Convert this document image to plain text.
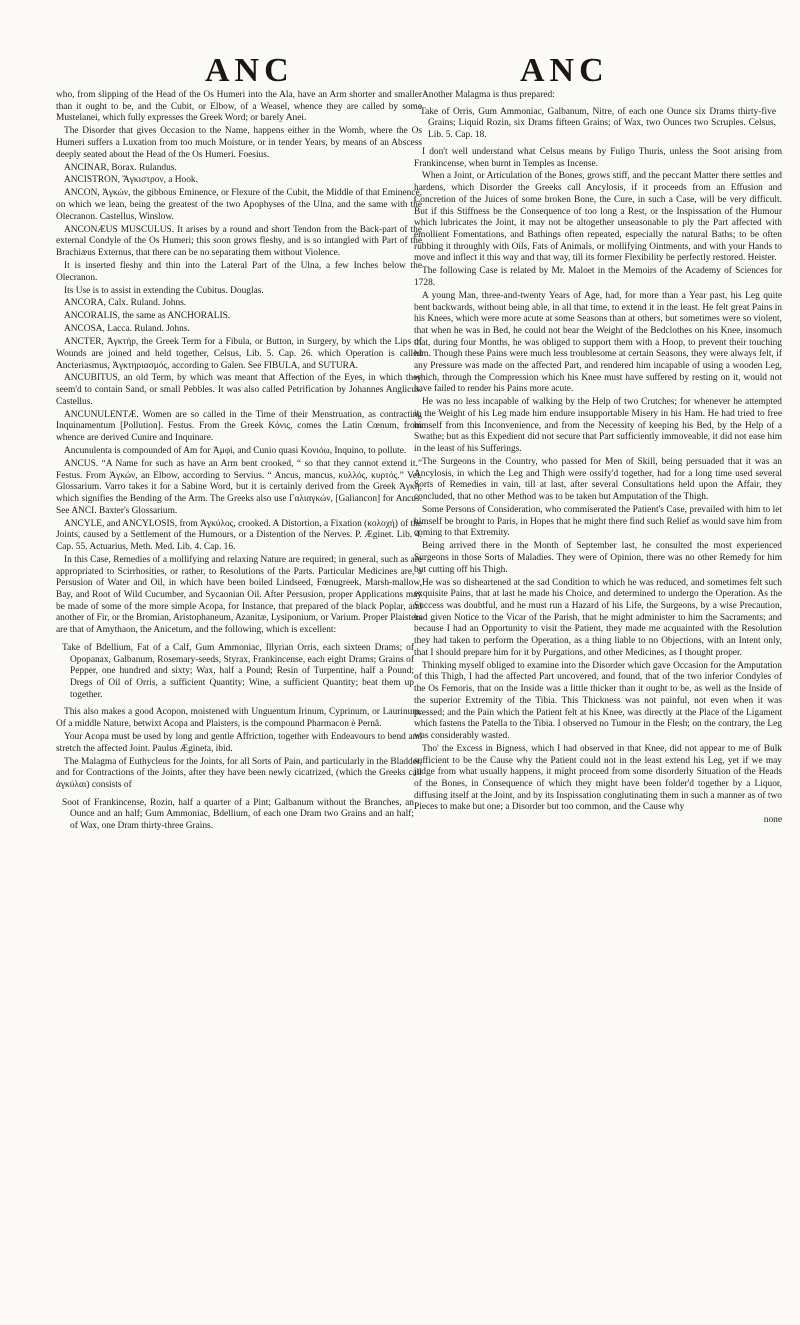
ANC	ANC

who, from slipping of the Head of the Os Humeri into the Ala, have an Arm shorter and smaller than it ought to be, and the Cubit, or Elbow, of a Weasel, whence they are called by some Mustelanei, which fully expresses the Greek Word; or barely Anei.

The Disorder that gives Occasion to the Name, happens either in the Womb, where the Os Humeri suffers a Luxation from too much Moisture, or in tender Years, by means of an Abscess deeply seated about the Head of the Os Humeri. Foesius.

ANCINAR, Borax. Rulandus.

ANCISTRON, Ἄγκιστρον, a Hook.

ANCON, Ἀγκών, the gibbous Eminence, or Flexure of the Cubit, the Middle of that Eminence, on which we lean, being the greatest of the two Apophyses of the Ulna, and the same with the Olecranon. Castellus, Winslow.

ANCONÆUS MUSCULUS. It arises by a round and short Tendon from the Back-part of the external Condyle of the Os Humeri; this soon grows fleshy, and is so intangled with Part of the Brachiæus Externus, that there can be no separating them without Violence.

It is inserted fleshy and thin into the Lateral Part of the Ulna, a few Inches below the Olecranon.

Its Use is to assist in extending the Cubitus. Douglas.

ANCORA, Calx. Ruland. Johns.

ANCORALIS, the same as ANCHORALIS.

ANCOSA, Lacca. Ruland. Johns.

ANCTER, Ἀγκτήρ, the Greek Term for a Fibula, or Button, in Surgery, by which the Lips of Wounds are joined and held together, Celsus, Lib. 5. Cap. 26. which Operation is called Ancteriasmus, Ἀγκτηριασμός, according to Galen. See FIBULA, and SUTURA.

ANCUBITUS, an old Term, by which was meant that Affection of the Eyes, in which they seem'd to contain Sand, or small Pebbles. It was also called Petrification by Johannes Anglicus. Castellus.

ANCUNULENTÆ. Women are so called in the Time of their Menstruation, as contracting Inquinamentum [Pollution]. Festus. From the Greek Κόνις, comes the Latin Cœnum, from whence are derived Cunire and Inquinare.

Ancunulenta is compounded of Am for Ἀμφί, and Cunio quasi Κονιόω, Inquino, to pollute.

ANCUS. “A Name for such as have an Arm bent crooked, “ so that they cannot extend it.” Festus. From Ἀγκών, an Elbow, according to Servius. “ Ancus, mancus, κυλλός, κυρτός.” Vet. Glossarium. Varro takes it for a Sabine Word, but it is certainly derived from the Greek Ἀγκή, which signifies the Bending of the Arm. The Greeks also use Γαλιαγκών, [Galiancon] for Ancus. See ANCI. Baxter's Glossarium.

ANCYLE, and ANCYLOSIS, from Ἀγκύλος, crooked. A Distortion, a Fixation (κολοχή) of the Joints, caused by a Settlement of the Humours, or a Distention of the Nerves. P. Æginet. Lib. 4. Cap. 55. Actuarius, Meth. Med. Lib. 4. Cap. 16.

In this Case, Remedies of a mollifying and relaxing Nature are required; in general, such as are appropriated to Scirrhosities, or rather, to Resolutions of the Parts. Particular Medicines are, a Persusion of Water and Oil, in which have been boiled Lindseed, Fœnugreek, Marsh-mallow, Bay, and Root of Wild Cucumber, and Sycaonian Oil. After Persusion, proper Applications may be made of some of the more simple Acopa, for Instance, that prepared of the black Poplar, and another of Fir, or the Bromian, Aristophaneum, Azanitæ, Lysiponium, or Varium. Proper Plaisters are that of Amythaon, the Anicetum, and the following, which is excellent:

Take of Bdellium, Fat of a Calf, Gum Ammoniac, Illyrian Orris, each sixteen Drams; of Opopanax, Galbanum, Rosemary-seeds, Styrax, Frankincense, each eight Drams; Grains of Pepper, one hundred and sixty; Wax, half a Pound; Resin of Turpentine, half a Pound; Dregs of Oil of Orris, a sufficient Quantity; Wine, a sufficient Quantity; beat them up together.

This also makes a good Acopon, moistened with Unguentum Irinum, Cyprinum, or Laurinum. Of a middle Nature, betwixt Acopa and Plaisters, is the compound Pharmacon è Pernâ.

Your Acopa must be used by long and gentle Affriction, together with Endeavours to bend and stretch the affected Joint. Paulus Ægineta, ibid.

The Malagma of Euthycleus for the Joints, for all Sorts of Pain, and particularly in the Bladder, and for Contractions of the Joints, after they have been newly cicatrized, (which the Greeks call ἀγκύλαι) consists of

Soot of Frankincense, Rozin, half a quarter of a Pint; Galbanum without the Branches, an Ounce and an half; Gum Ammoniac, Bdellium, of each one Dram two Grains and an half; of Wax, one Dram thirty-three Grains.

Another Malagma is thus prepared:

Take of Orris, Gum Ammoniac, Galbanum, Nitre, of each one Ounce six Drams thirty-five Grains; Liquid Rozin, six Drams fifteen Grains; of Wax, two Ounces two Scruples. Celsus, Lib. 5. Cap. 18.

I don't well understand what Celsus means by Fuligo Thuris, unless the Soot arising from Frankincense, when burnt in Temples as Incense.

When a Joint, or Articulation of the Bones, grows stiff, and the peccant Matter there settles and hardens, which Disorder the Greeks call Ancylosis, if it proceeds from an Effusion and Concretion of the Juices of some broken Bone, the Cure, in such a Case, will be very difficult. But if this Stiffness be the Consequence of too long a Rest, or the Inspissation of the Humour which lubricates the Joint, it may not be altogether unseasonable to ply the Part affected with emollient Fomentations, and Bathings often repeated, especially the natural Baths; to be often rubbing it throughly with Oils, Fats of Animals, or mollifying Ointments, and with your Hands to move and inflect it this way and that way, till its former Flexibility be perfectly restored. Heister.

The following Case is related by Mr. Maloet in the Memoirs of the Academy of Sciences for 1728.

A young Man, three-and-twenty Years of Age, had, for more than a Year past, his Leg quite bent backwards, without being able, in all that time, to extend it in the least. He felt great Pains in his Knees, which were more acute at some Seasons than at others, but sometimes were so violent, that when he was in Bed, he could not bear the Weight of the Bedclothes on his Knee, insomuch that, during four Months, he was obliged to support them with a Hoop, to prevent their touching him. Though these Pains were much less troublesome at certain Seasons, they were always felt, if any Pressure was made on the affected Part, and rendered him incapable of using a wooden Leg, which, through the Compression which his Knee must have suffered by resting on it, would not have failed to render his Pains more acute.

He was no less incapable of walking by the Help of two Crutches; for whenever he attempted it, the Weight of his Leg made him endure insupportable Misery in his Ham. He had tried to free himself from this Inconvenience, and from the Necessity of keeping his Bed, by the Help of a Swathe; but as this Expedient did not secure that Part sufficiently immoveable, it did not ease him in the least of his Sufferings.

The Surgeons in the Country, who passed for Men of Skill, being persuaded that it was an Ancylosis, in which the Leg and Thigh were ossify'd together, had for a long time used several Sorts of Remedies in vain, till at last, after several Consultations held upon the Affair, they concluded, that no other Method was to be taken but Amputation of the Thigh.

Some Persons of Consideration, who commiserated the Patient's Case, prevailed with him to let himself be brought to Paris, in Hopes that he might there find such Relief as would save him from coming to that Extremity.

Being arrived there in the Month of September last, he consulted the most experienced Surgeons in those Sorts of Maladies. They were of Opinion, there was no other Remedy for him but cutting off his Thigh.

He was so disheartened at the sad Condition to which he was reduced, and sometimes felt such exquisite Pains, that at last he made his Choice, and determined to undergo the Operation. As the Success was doubtful, and he must run a Hazard of his Life, the Surgeons, by a wise Precaution, had given Notice to the Vicar of the Parish, that he might administer to him the Sacraments; and because I had an Opportunity to visit the Patient, they made me acquainted with the Resolution they had taken to perform the Operation, as a thing liable to no Objections, with an Intent only, that I should prepare him for it by Purgations, and other Medicines, as I thought proper.

Thinking myself obliged to examine into the Disorder which gave Occasion for the Amputation of this Thigh, I had the affected Part uncovered, and found, that of the two inferior Condyles of the Os Femoris, that on the Inside was a little thicker than it ought to be, as well as the Inside of the superior Extremity of the Tibia. This Thickness was not painful, not even when it was pressed; and the Pain which the Patient felt at his Knee, was directly at the Place of the Ligament which fastens the Patella to the Tibia. I observed no Tumour in the Flesh; on the contrary, the Leg was considerably wasted.

Tho' the Excess in Bigness, which I had observed in that Knee, did not appear to me of Bulk sufficient to be the Cause why the Patient could not in the least extend his Leg, yet if we may judge from what usually happens, it might proceed from some disorderly Situation of the Heads of the Bones, in Consequence of which they might have been folder'd together by a Liquor, diffusing itself at the Joint, and by its Inspissation conglutinating them in such a manner as of two Pieces to make but one; a Disorder but too common, and the Cause why

none
